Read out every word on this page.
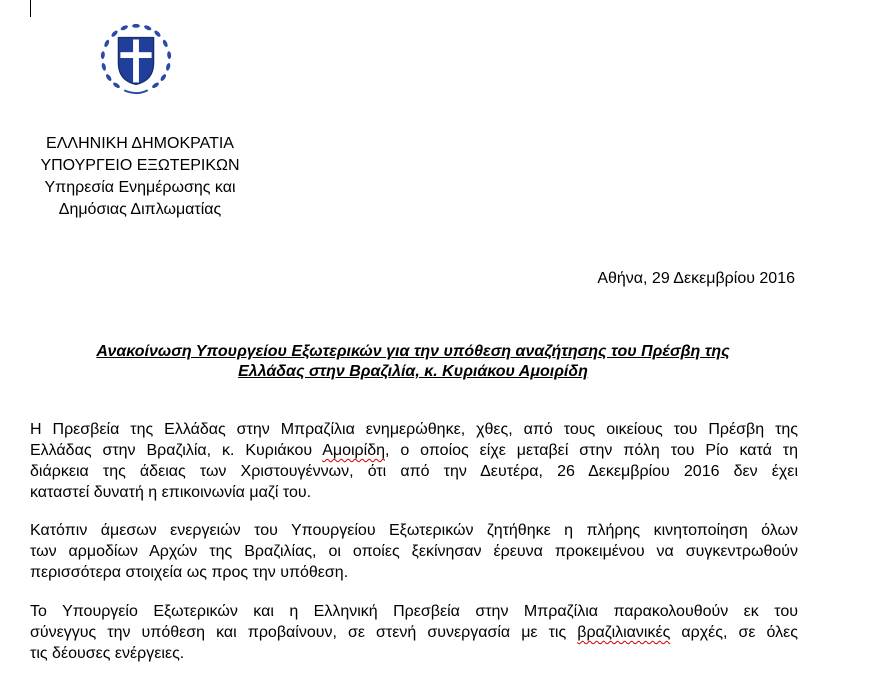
ΕΛΛΗΝΙΚΗ ΔΗΜΟΚΡΑΤΙΑ
ΥΠΟΥΡΓΕΙΟ ΕΞΩΤΕΡΙΚΩΝ
Υπηρεσία Ενημέρωσης και
Δημόσιας Διπλωματίας
Αθήνα, 29 Δεκεμβρίου 2016
Ανακοίνωση Υπουργείου Εξωτερικών για την υπόθεση αναζήτησης του Πρέσβη της
Ελλάδας στην Βραζιλία, κ. Κυριάκου Αμοιρίδη
Η Πρεσβεία της Ελλάδας στην Μπραζίλια ενημερώθηκε, χθες, από τους οικείους του Πρέσβη της
Ελλάδας στην Βραζιλία, κ. Κυριάκου Αμοιρίδη, ο οποίος είχε μεταβεί στην πόλη του Ρίο κατά τη
διάρκεια της άδειας των Χριστουγέννων, ότι από την Δευτέρα, 26 Δεκεμβρίου 2016 δεν έχει
καταστεί δυνατή η επικοινωνία μαζί του.
Κατόπιν άμεσων ενεργειών του Υπουργείου Εξωτερικών ζητήθηκε η πλήρης κινητοποίηση όλων
των αρμοδίων Αρχών της Βραζιλίας, οι οποίες ξεκίνησαν έρευνα προκειμένου να συγκεντρωθούν
περισσότερα στοιχεία ως προς την υπόθεση.
Το Υπουργείο Εξωτερικών και η Ελληνική Πρεσβεία στην Μπραζίλια παρακολουθούν εκ του
σύνεγγυς την υπόθεση και προβαίνουν, σε στενή συνεργασία με τις βραζιλιανικές αρχές, σε όλες
τις δέουσες ενέργειες.
